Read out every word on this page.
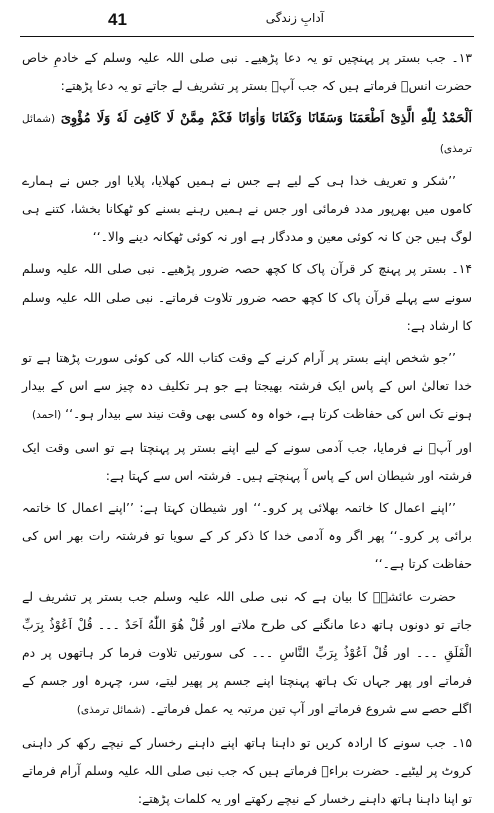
41	آدابِ زندگی

۱۳۔ جب بستر پر پہنچیں تو یہ دعا پڑھیے۔ نبی صلی اللہ علیہ وسلم کے خادمِ خاص حضرت انسؓ فرماتے ہیں کہ جب آپؐ بستر پر تشریف لے جاتے تو یہ دعا پڑھتے:

اَلْحَمْدُ لِلّٰهِ الَّذِیْ اَطْعَمَنَا وَسَقَانَا وَکَفَانَا وَاٰوَانَا فَکَمْ مِمَّنْ لَا کَافِیَ لَهٗ وَلَا مُؤْوِیَ (شمائل ترمذی)

’’شکر و تعریف خدا ہی کے لیے ہے جس نے ہمیں کھلایا، پلایا اور جس نے ہمارے کاموں میں بھرپور مدد فرمائی اور جس نے ہمیں رہنے بسنے کو ٹھکانا بخشا، کتنے ہی لوگ ہیں جن کا نہ کوئی معین و مددگار ہے اور نہ کوئی ٹھکانہ دینے والا۔‘‘

۱۴۔ بستر پر پہنچ کر قرآن پاک کا کچھ حصہ ضرور پڑھیے۔ نبی صلی اللہ علیہ وسلم سونے سے پہلے قرآن پاک کا کچھ حصہ ضرور تلاوت فرماتے۔ نبی صلی اللہ علیہ وسلم کا ارشاد ہے:

’’جو شخص اپنے بستر پر آرام کرنے کے وقت کتاب اللہ کی کوئی سورت پڑھتا ہے تو خدا تعالیٰ اس کے پاس ایک فرشتہ بھیجتا ہے جو ہر تکلیف دہ چیز سے اس کے بیدار ہونے تک اس کی حفاظت کرتا ہے، خواہ وہ کسی بھی وقت نیند سے بیدار ہو۔‘‘ (احمد)

اور آپؐ نے فرمایا، جب آدمی سونے کے لیے اپنے بستر پر پہنچتا ہے تو اسی وقت ایک فرشتہ اور شیطان اس کے پاس آ پہنچتے ہیں۔ فرشتہ اس سے کہتا ہے:

’’اپنے اعمال کا خاتمہ بھلائی پر کرو۔‘‘ اور شیطان کہتا ہے: ’’اپنے اعمال کا خاتمہ برائی پر کرو۔‘‘ پھر اگر وہ آدمی خدا کا ذکر کر کے سویا تو فرشتہ رات بھر اس کی حفاظت کرتا ہے۔‘‘

حضرت عائشہؓ کا بیان ہے کہ نبی صلی اللہ علیہ وسلم جب بستر پر تشریف لے جاتے تو دونوں ہاتھ دعا مانگنے کی طرح ملاتے اور قُلْ هُوَ اللّٰهُ اَحَدٌ ۔۔۔ قُلْ اَعُوْذُ بِرَبِّ الْفَلَقِ ۔۔۔ اور قُلْ اَعُوْذُ بِرَبِّ النَّاسِ ۔۔۔ کی سورتیں تلاوت فرما کر ہاتھوں پر دم فرماتے اور پھر جہاں تک ہاتھ پہنچتا اپنے جسم پر پھیر لیتے، سر، چہرہ اور جسم کے اگلے حصے سے شروع فرماتے اور آپ تین مرتبہ یہ عمل فرماتے۔ (شمائل ترمذی)

۱۵۔ جب سونے کا ارادہ کریں تو داہنا ہاتھ اپنے داہنے رخسار کے نیچے رکھ کر داہنی کروٹ پر لیٹیے۔ حضرت براءؓ فرماتے ہیں کہ جب نبی صلی اللہ علیہ وسلم آرام فرماتے تو اپنا داہنا ہاتھ داہنے رخسار کے نیچے رکھتے اور یہ کلمات پڑھتے:
